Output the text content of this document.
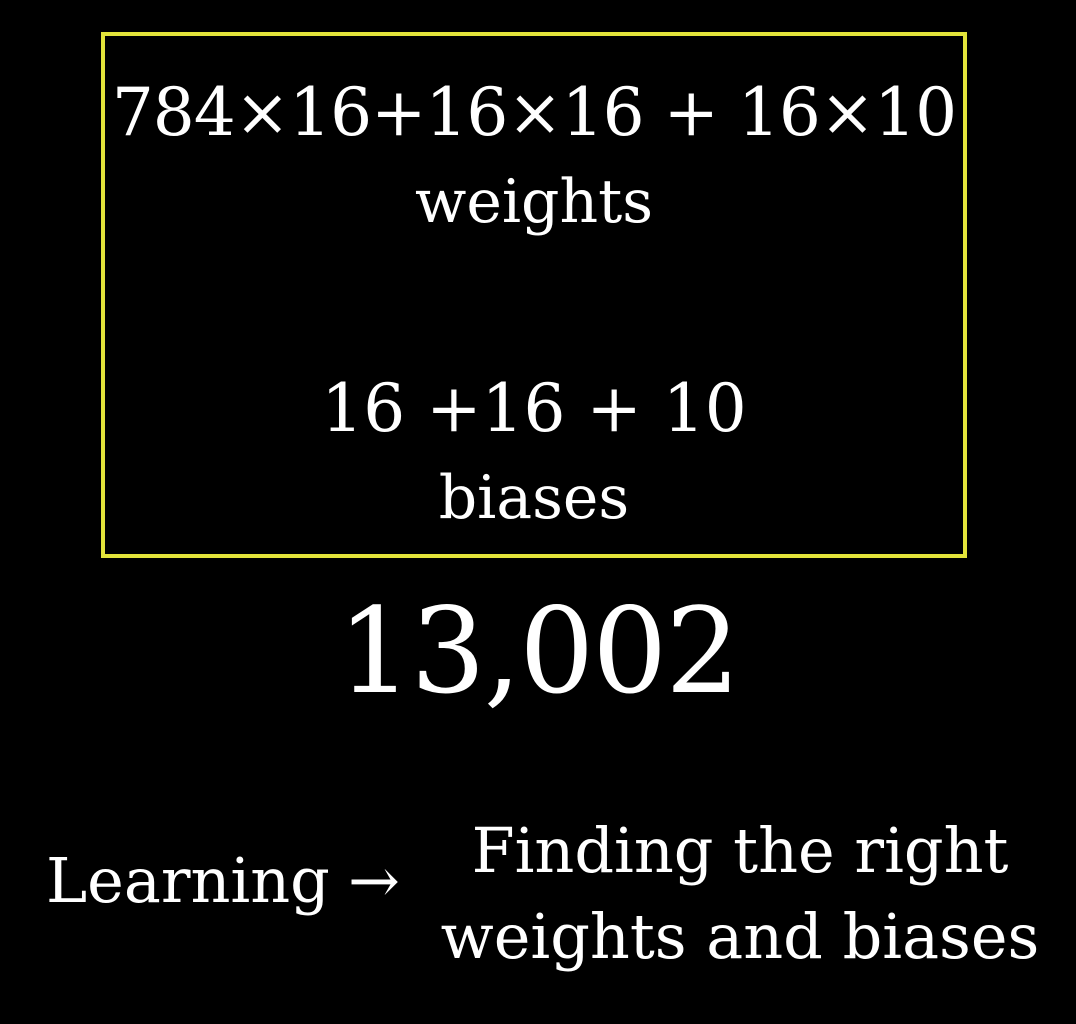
784×16+16×16 + 16×10
weights
16 +16 + 10
biases
13,002
Learning →	Finding the right
weights and biases
